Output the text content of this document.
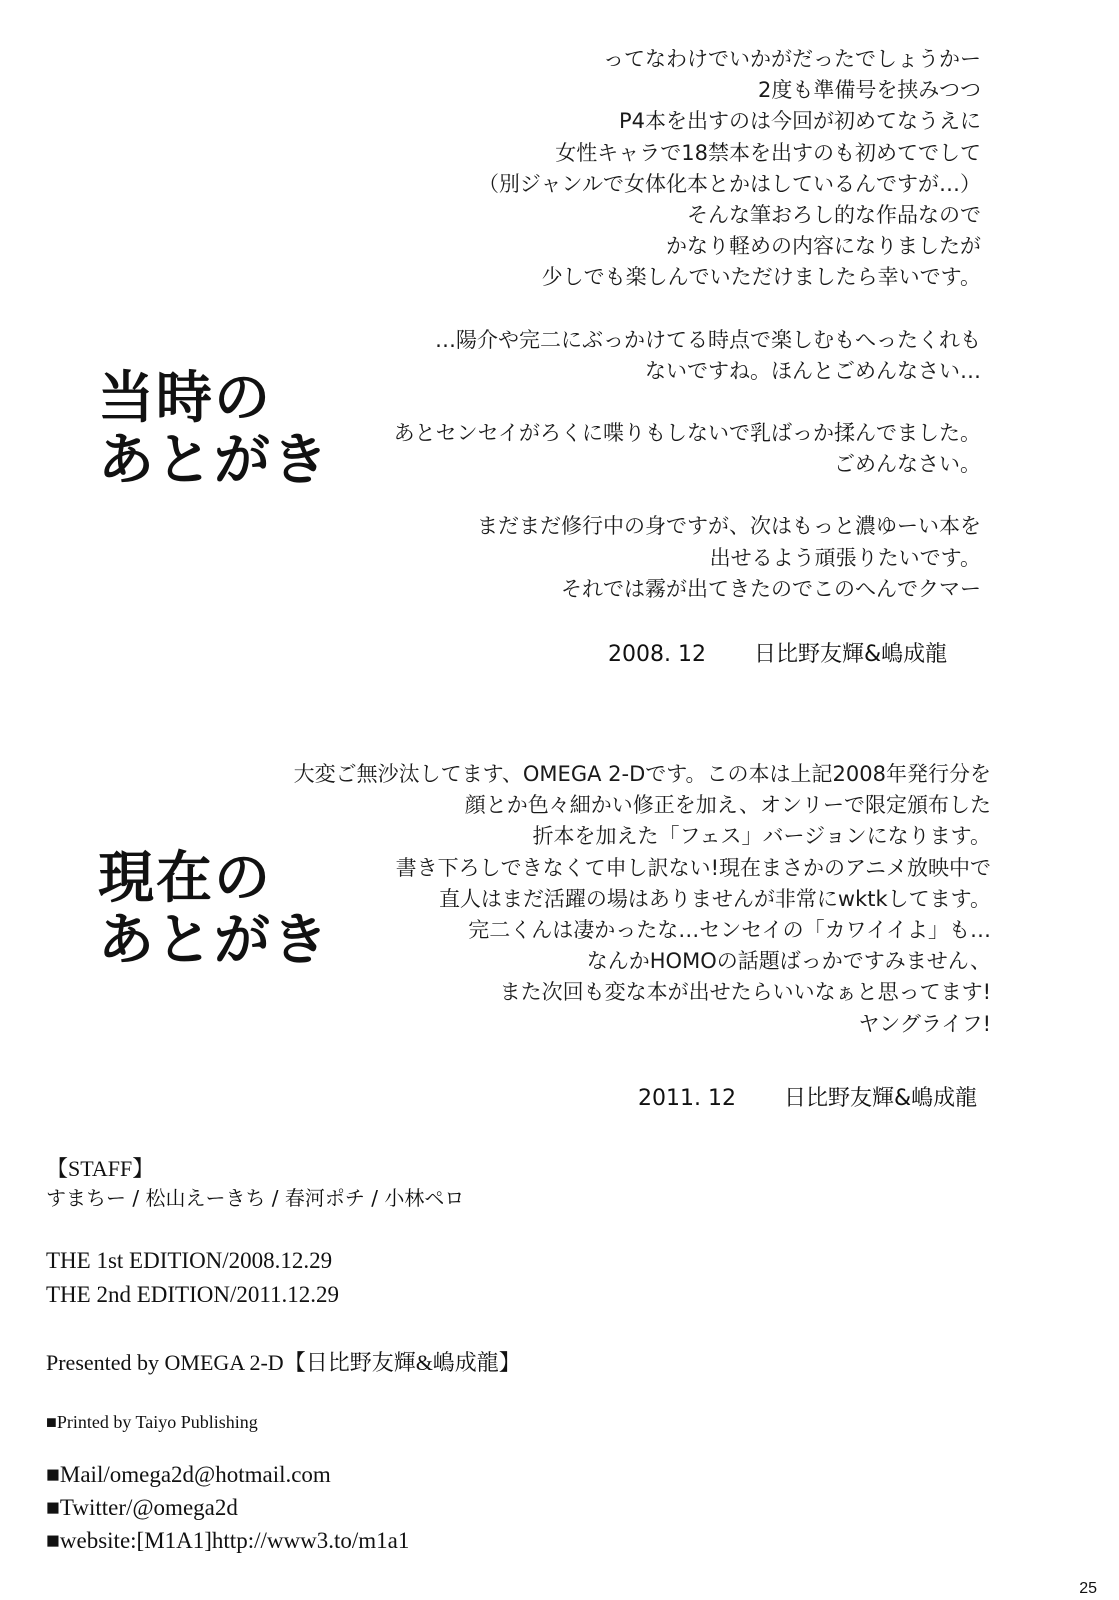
当時の
あとがき

ってなわけでいかがだったでしょうかー

2度も準備号を挟みつつ

P4本を出すのは今回が初めてなうえに

女性キャラで18禁本を出すのも初めてでして

（別ジャンルで女体化本とかはしているんですが…）

そんな筆おろし的な作品なので

かなり軽めの内容になりましたが

少しでも楽しんでいただけましたら幸いです。

…陽介や完二にぶっかけてる時点で楽しむもへったくれも

ないですね。ほんとごめんなさい…

あとセンセイがろくに喋りもしないで乳ばっか揉んでました。

ごめんなさい。

まだまだ修行中の身ですが、次はもっと濃ゆーい本を

出せるよう頑張りたいです。

それでは霧が出てきたのでこのへんでクマー

2008. 12 日比野友輝&嶋成龍
現在の
あとがき

大変ご無沙汰してます、OMEGA 2-Dです。この本は上記2008年発行分を

顔とか色々細かい修正を加え、オンリーで限定頒布した

折本を加えた「フェス」バージョンになります。

書き下ろしできなくて申し訳ない!現在まさかのアニメ放映中で

直人はまだ活躍の場はありませんが非常にwktkしてます。

完二くんは凄かったな…センセイの「カワイイよ」も…

なんかHOMOの話題ばっかですみません、

また次回も変な本が出せたらいいなぁと思ってます!

ヤングライフ!

2011. 12 日比野友輝&嶋成龍
【STAFF】
すまちー / 松山えーきち / 春河ポチ / 小林ペロ
THE 1st EDITION/2008.12.29
THE 2nd EDITION/2011.12.29
Presented by OMEGA 2-D【日比野友輝&嶋成龍】
■Printed by Taiyo Publishing
■Mail/omega2d@hotmail.com
■Twitter/@omega2d
■website:[M1A1]http://www3.to/m1a1
25
